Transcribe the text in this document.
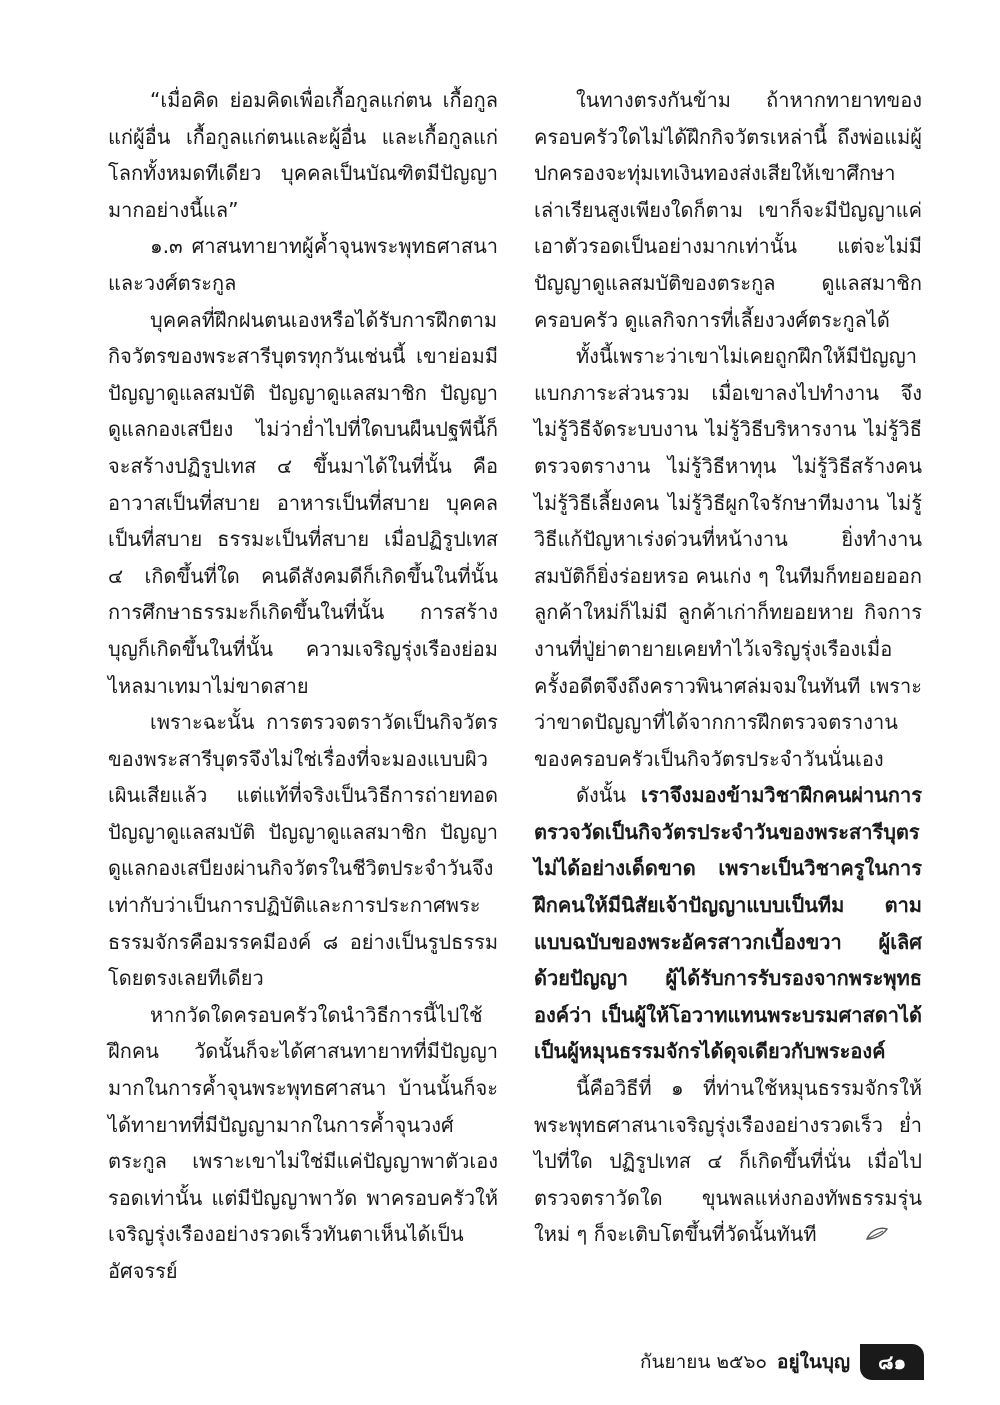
“เมื่อคิด ย่อมคิดเพื่อเกื้อกูลแก่ตน เกื้อกูลแก่ผู้อื่น เกื้อกูลแก่ตนและผู้อื่น และเกื้อกูลแก่โลกทั้งหมดทีเดียว บุคคลเป็นบัณฑิตมีปัญญามากอย่างนี้แล”

๑.๓ ศาสนทายาทผู้ค้ำจุนพระพุทธศาสนาและวงศ์ตระกูล

บุคคลที่ฝึกฝนตนเองหรือได้รับการฝึกตามกิจวัตรของพระสารีบุตรทุกวันเช่นนี้ เขาย่อมมีปัญญาดูแลสมบัติ ปัญญาดูแลสมาชิก ปัญญาดูแลกองเสบียง ไม่ว่าย่ำไปที่ใดบนผืนปฐพีนี้ก็จะสร้างปฏิรูปเทส ๔ ขึ้นมาได้ในที่นั้น คือ อาวาสเป็นที่สบาย อาหารเป็นที่สบาย บุคคลเป็นที่สบาย ธรรมะเป็นที่สบาย เมื่อปฏิรูปเทส ๔ เกิดขึ้นที่ใด คนดีสังคมดีก็เกิดขึ้นในที่นั้น การศึกษาธรรมะก็เกิดขึ้นในที่นั้น การสร้างบุญก็เกิดขึ้นในที่นั้น ความเจริญรุ่งเรืองย่อมไหลมาเทมาไม่ขาดสาย

เพราะฉะนั้น การตรวจตราวัดเป็นกิจวัตรของพระสารีบุตรจึงไม่ใช่เรื่องที่จะมองแบบผิวเผินเสียแล้ว แต่แท้ที่จริงเป็นวิธีการถ่ายทอดปัญญาดูแลสมบัติ ปัญญาดูแลสมาชิก ปัญญาดูแลกองเสบียงผ่านกิจวัตรในชีวิตประจำวันจึงเท่ากับว่าเป็นการปฏิบัติและการประกาศพระธรรมจักรคือมรรคมีองค์ ๘ อย่างเป็นรูปธรรมโดยตรงเลยทีเดียว

หากวัดใดครอบครัวใดนำวิธีการนี้ไปใช้ฝึกคน วัดนั้นก็จะได้ศาสนทายาทที่มีปัญญามากในการค้ำจุนพระพุทธศาสนา บ้านนั้นก็จะได้ทายาทที่มีปัญญามากในการค้ำจุนวงศ์ตระกูล เพราะเขาไม่ใช่มีแค่ปัญญาพาตัวเองรอดเท่านั้น แต่มีปัญญาพาวัด พาครอบครัวให้เจริญรุ่งเรืองอย่างรวดเร็วทันตาเห็นได้เป็นอัศจรรย์

ในทางตรงกันข้าม ถ้าหากทายาทของครอบครัวใดไม่ได้ฝึกกิจวัตรเหล่านี้ ถึงพ่อแม่ผู้ปกครองจะทุ่มเทเงินทองส่งเสียให้เขาศึกษาเล่าเรียนสูงเพียงใดก็ตาม เขาก็จะมีปัญญาแค่เอาตัวรอดเป็นอย่างมากเท่านั้น แต่จะไม่มีปัญญาดูแลสมบัติของตระกูล ดูแลสมาชิกครอบครัว ดูแลกิจการที่เลี้ยงวงศ์ตระกูลได้

ทั้งนี้เพราะว่าเขาไม่เคยถูกฝึกให้มีปัญญาแบกภาระส่วนรวม เมื่อเขาลงไปทำงาน จึงไม่รู้วิธีจัดระบบงาน ไม่รู้วิธีบริหารงาน ไม่รู้วิธีตรวจตรางาน ไม่รู้วิธีหาทุน ไม่รู้วิธีสร้างคน ไม่รู้วิธีเลี้ยงคน ไม่รู้วิธีผูกใจรักษาทีมงาน ไม่รู้วิธีแก้ปัญหาเร่งด่วนที่หน้างาน ยิ่งทำงานสมบัติก็ยิ่งร่อยหรอ คนเก่ง ๆ ในทีมก็ทยอยออก ลูกค้าใหม่ก็ไม่มี ลูกค้าเก่าก็ทยอยหาย กิจการงานที่ปู่ย่าตายายเคยทำไว้เจริญรุ่งเรืองเมื่อครั้งอดีตจึงถึงคราวพินาศล่มจมในทันที เพราะว่าขาดปัญญาที่ได้จากการฝึกตรวจตรางานของครอบครัวเป็นกิจวัตรประจำวันนั่นเอง

ดังนั้น เราจึงมองข้ามวิชาฝึกคนผ่านการตรวจวัดเป็นกิจวัตรประจำวันของพระสารีบุตรไม่ได้อย่างเด็ดขาด เพราะเป็นวิชาครูในการฝึกคนให้มีนิสัยเจ้าปัญญาแบบเป็นทีม ตามแบบฉบับของพระอัครสาวกเบื้องขวา ผู้เลิศด้วยปัญญา ผู้ได้รับการรับรองจากพระพุทธองค์ว่า เป็นผู้ให้โอวาทแทนพระบรมศาสดาได้ เป็นผู้หมุนธรรมจักรได้ดุจเดียวกับพระองค์

นี้คือวิธีที่ ๑ ที่ท่านใช้หมุนธรรมจักรให้พระพุทธศาสนาเจริญรุ่งเรืองอย่างรวดเร็ว ย่ำไปที่ใด ปฏิรูปเทส ๔ ก็เกิดขึ้นที่นั่น เมื่อไปตรวจตราวัดใด ขุนพลแห่งกองทัพธรรมรุ่นใหม่ ๆ ก็จะเติบโตขึ้นที่วัดนั้นทันที

กันยายน ๒๕๖๐ อยู่ในบุญ	๘๑
